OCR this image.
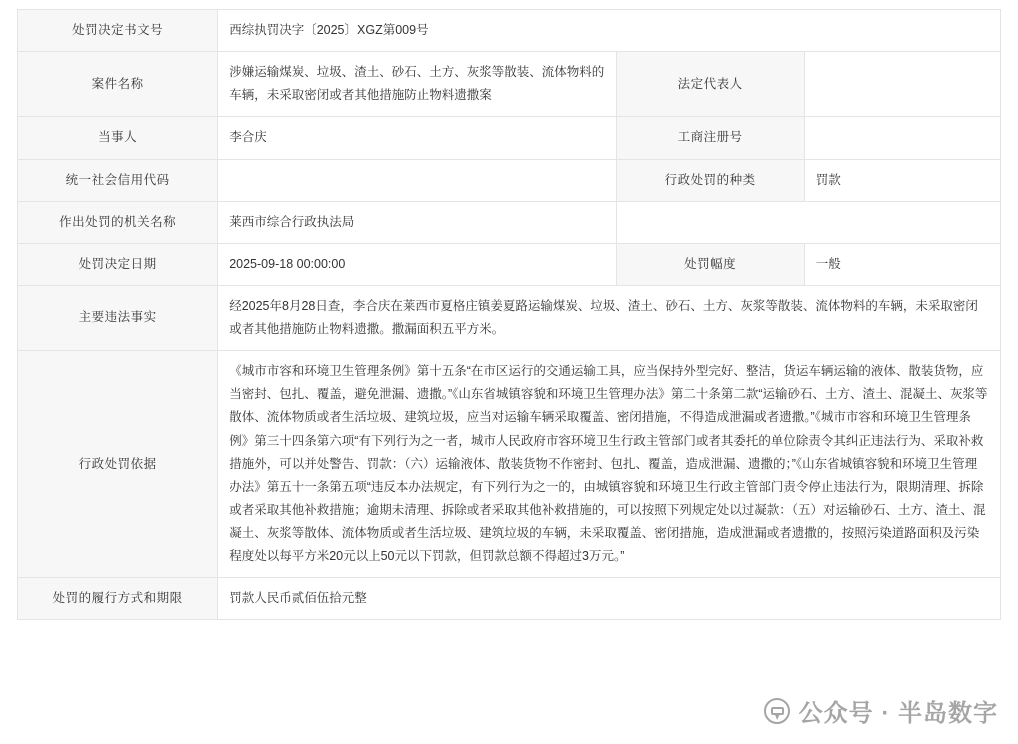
处罚决定书文号	西综执罚决字〔2025〕XGZ第009号		
案件名称	涉嫌运输煤炭、垃圾、渣土、砂石、土方、灰浆等散装、流体物料的车辆，未采取密闭或者其他措施防止物料遗撒案	法定代表人	
当事人	李合庆	工商注册号	
统一社会信用代码		行政处罚的种类	罚款
作出处罚的机关名称	莱西市综合行政执法局		
处罚决定日期	2025-09-18 00:00:00	处罚幅度	一般
主要违法事实	经2025年8月28日查，李合庆在莱西市夏格庄镇姜夏路运输煤炭、垃圾、渣土、砂石、土方、灰浆等散装、流体物料的车辆，未采取密闭或者其他措施防止物料遗撒。撒漏面积五平方米。		
行政处罚依据	《城市市容和环境卫生管理条例》第十五条“在市区运行的交通运输工具，应当保持外型完好、整洁，货运车辆运输的液体、散装货物，应当密封、包扎、覆盖，避免泄漏、遗撒。”《山东省城镇容貌和环境卫生管理办法》第二十条第二款“运输砂石、土方、渣土、混凝土、灰浆等散体、流体物质或者生活垃圾、建筑垃圾，应当对运输车辆采取覆盖、密闭措施，不得造成泄漏或者遗撒。”《城市市容和环境卫生管理条例》第三十四条第六项“有下列行为之一者，城市人民政府市容环境卫生行政主管部门或者其委托的单位除责令其纠正违法行为、采取补救措施外，可以并处警告、罚款：（六）运输液体、散装货物不作密封、包扎、覆盖，造成泄漏、遗撒的；”《山东省城镇容貌和环境卫生管理办法》第五十一条第五项“违反本办法规定，有下列行为之一的，由城镇容貌和环境卫生行政主管部门责令停止违法行为，限期清理、拆除或者采取其他补救措施；逾期未清理、拆除或者采取其他补救措施的，可以按照下列规定处以过凝款：（五）对运输砂石、土方、渣土、混凝土、灰浆等散体、流体物质或者生活垃圾、建筑垃圾的车辆，未采取覆盖、密闭措施，造成泄漏或者遗撒的，按照污染道路面积及污染程度处以每平方米20元以上50元以下罚款，但罚款总额不得超过3万元。”		
处罚的履行方式和期限	罚款人民币贰佰伍拾元整		
公众号 · 半岛数字
